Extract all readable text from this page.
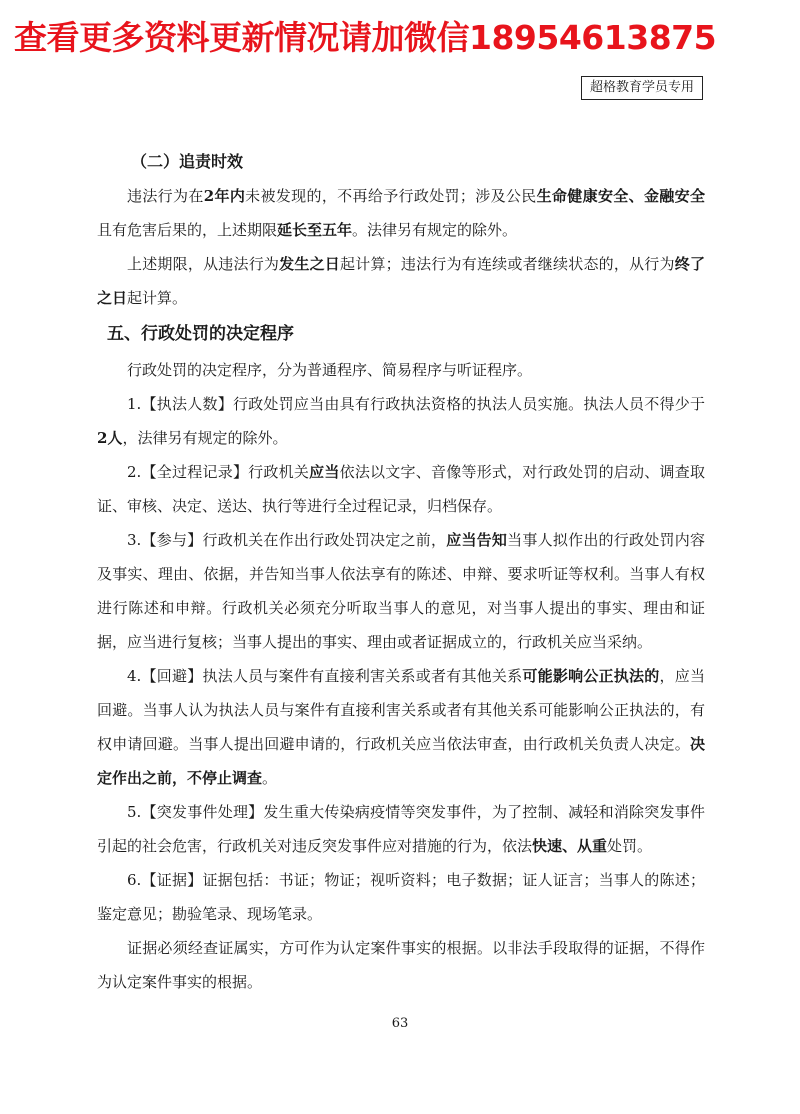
查看更多资料更新情况请加微信18954613875
超格教育学员专用

（二）追责时效

违法行为在2年内未被发现的，不再给予行政处罚；涉及公民生命健康安全、金融安全且有危害后果的，上述期限延长至五年。法律另有规定的除外。

上述期限，从违法行为发生之日起计算；违法行为有连续或者继续状态的，从行为终了之日起计算。

五、行政处罚的决定程序

行政处罚的决定程序，分为普通程序、简易程序与听证程序。

1.【执法人数】行政处罚应当由具有行政执法资格的执法人员实施。执法人员不得少于2人，法律另有规定的除外。

2.【全过程记录】行政机关应当依法以文字、音像等形式，对行政处罚的启动、调查取证、审核、决定、送达、执行等进行全过程记录，归档保存。

3.【参与】行政机关在作出行政处罚决定之前，应当告知当事人拟作出的行政处罚内容及事实、理由、依据，并告知当事人依法享有的陈述、申辩、要求听证等权利。当事人有权进行陈述和申辩。行政机关必须充分听取当事人的意见，对当事人提出的事实、理由和证据，应当进行复核；当事人提出的事实、理由或者证据成立的，行政机关应当采纳。

4.【回避】执法人员与案件有直接利害关系或者有其他关系可能影响公正执法的，应当回避。当事人认为执法人员与案件有直接利害关系或者有其他关系可能影响公正执法的，有权申请回避。当事人提出回避申请的，行政机关应当依法审查，由行政机关负责人决定。决定作出之前，不停止调查。

5.【突发事件处理】发生重大传染病疫情等突发事件，为了控制、减轻和消除突发事件引起的社会危害，行政机关对违反突发事件应对措施的行为，依法快速、从重处罚。

6.【证据】证据包括：书证；物证；视听资料；电子数据；证人证言；当事人的陈述；鉴定意见；勘验笔录、现场笔录。

证据必须经查证属实，方可作为认定案件事实的根据。以非法手段取得的证据，不得作为认定案件事实的根据。

63
